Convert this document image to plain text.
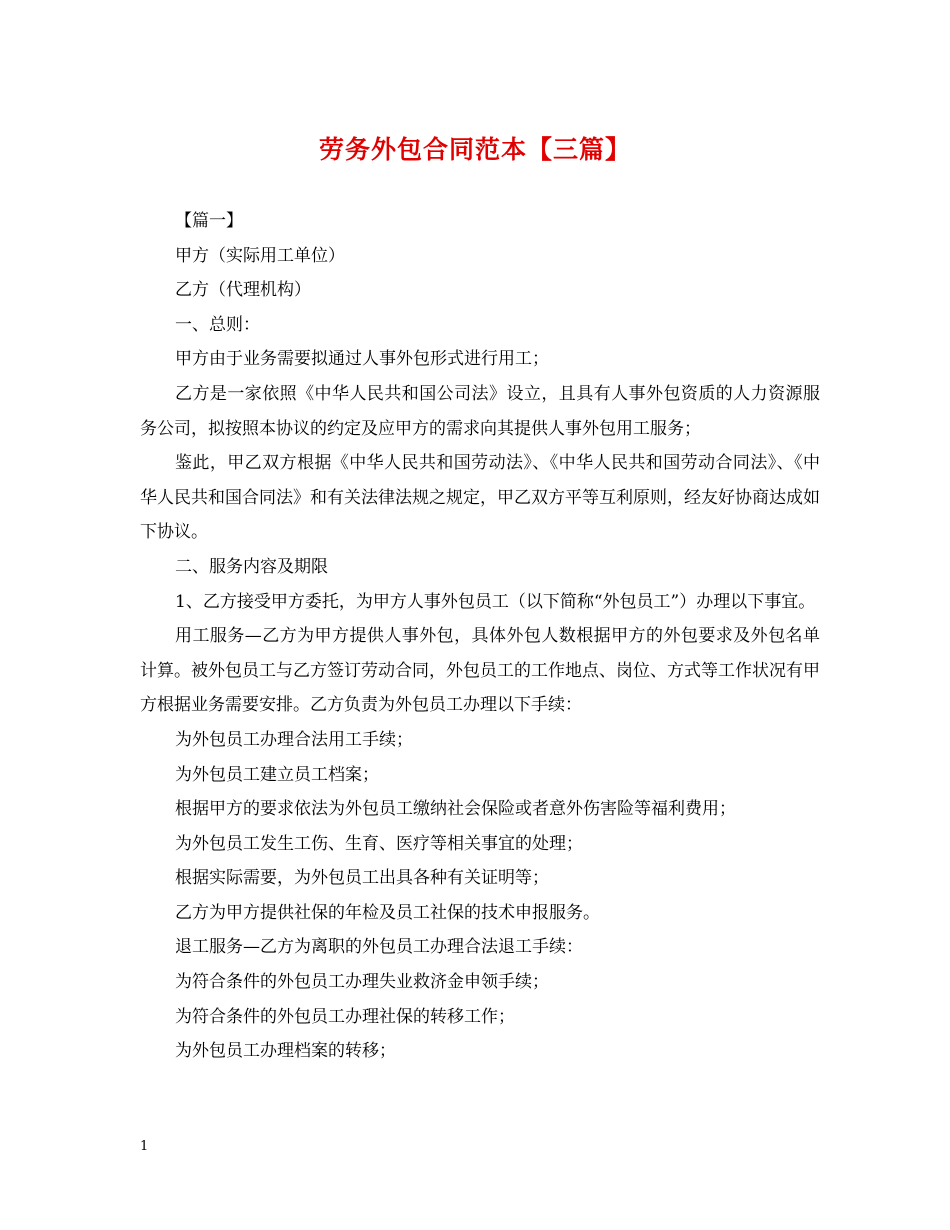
劳务外包合同范本【三篇】

【篇一】

甲方（实际用工单位）

乙方（代理机构）

一、总则：

甲方由于业务需要拟通过人事外包形式进行用工；

乙方是一家依照《中华人民共和国公司法》设立，且具有人事外包资质的人力资源服务公司，拟按照本协议的约定及应甲方的需求向其提供人事外包用工服务；

鉴此，甲乙双方根据《中华人民共和国劳动法》、《中华人民共和国劳动合同法》、《中华人民共和国合同法》和有关法律法规之规定，甲乙双方平等互利原则，经友好协商达成如下协议。

二、服务内容及期限

1、乙方接受甲方委托，为甲方人事外包员工（以下简称“外包员工”）办理以下事宜。

用工服务—乙方为甲方提供人事外包，具体外包人数根据甲方的外包要求及外包名单计算。被外包员工与乙方签订劳动合同，外包员工的工作地点、岗位、方式等工作状况有甲方根据业务需要安排。乙方负责为外包员工办理以下手续：

为外包员工办理合法用工手续；

为外包员工建立员工档案；

根据甲方的要求依法为外包员工缴纳社会保险或者意外伤害险等福利费用；

为外包员工发生工伤、生育、医疗等相关事宜的处理；

根据实际需要，为外包员工出具各种有关证明等；

乙方为甲方提供社保的年检及员工社保的技术申报服务。

退工服务—乙方为离职的外包员工办理合法退工手续：

为符合条件的外包员工办理失业救济金申领手续；

为符合条件的外包员工办理社保的转移工作；

为外包员工办理档案的转移；

1
